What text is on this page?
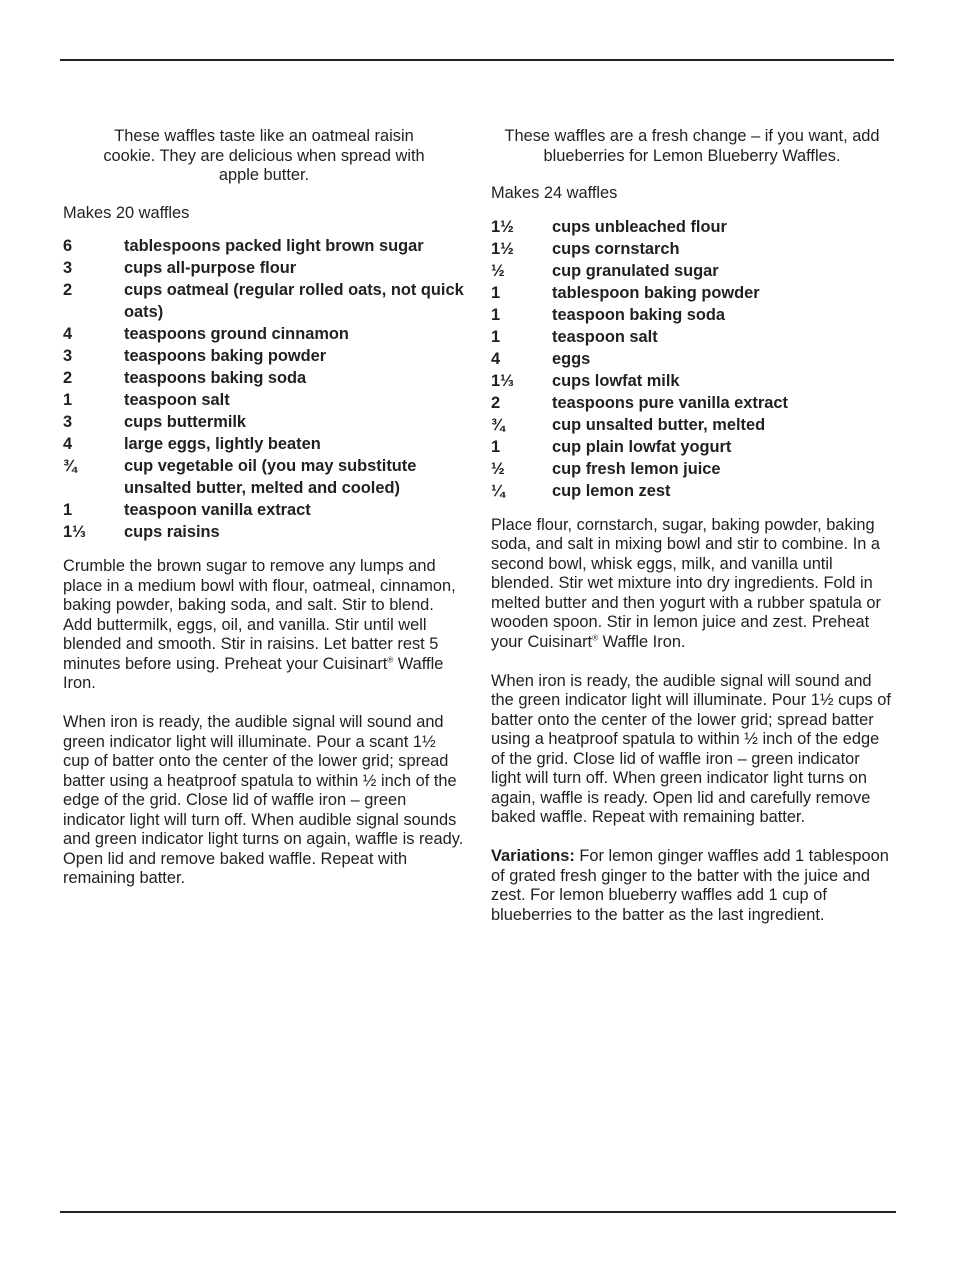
These waffles taste like an oatmeal raisin cookie. They are delicious when spread with apple butter.

Makes 20 waffles

6	tablespoons packed light brown sugar
3	cups all-purpose flour
2	cups oatmeal (regular rolled oats, not quick oats)
4	teaspoons ground cinnamon
3	teaspoons baking powder
2	teaspoons baking soda
1	teaspoon salt
3	cups buttermilk
4	large eggs, lightly beaten
¾	cup vegetable oil (you may substitute unsalted butter, melted and cooled)
1	teaspoon vanilla extract
1⅓	cups raisins

Crumble the brown sugar to remove any lumps and place in a medium bowl with flour, oatmeal, cinnamon, baking powder, baking soda, and salt. Stir to blend. Add buttermilk, eggs, oil, and vanilla. Stir until well blended and smooth. Stir in raisins. Let batter rest 5 minutes before using. Preheat your Cuisinart® Waffle Iron.

When iron is ready, the audible signal will sound and green indicator light will illuminate. Pour a scant 1½ cup of batter onto the center of the lower grid; spread batter using a heatproof spatula to within ½ inch of the edge of the grid. Close lid of waffle iron – green indicator light will turn off. When audible signal sounds and green indicator light turns on again, waffle is ready. Open lid and remove baked waffle. Repeat with remaining batter.

These waffles are a fresh change – if you want, add blueberries for Lemon Blueberry Waffles.

Makes 24 waffles

1½	cups unbleached flour
1½	cups cornstarch
½	cup granulated sugar
1	tablespoon baking powder
1	teaspoon baking soda
1	teaspoon salt
4	eggs
1⅓	cups lowfat milk
2	teaspoons pure vanilla extract
¾	cup unsalted butter, melted
1	cup plain lowfat yogurt
½	cup fresh lemon juice
¼	cup lemon zest

Place flour, cornstarch, sugar, baking powder, baking soda, and salt in mixing bowl and stir to combine. In a second bowl, whisk eggs, milk, and vanilla until blended. Stir wet mixture into dry ingredients. Fold in melted butter and then yogurt with a rubber spatula or wooden spoon. Stir in lemon juice and zest. Preheat your Cuisinart® Waffle Iron.

When iron is ready, the audible signal will sound and the green indicator light will illuminate. Pour 1½ cups of batter onto the center of the lower grid; spread batter using a heatproof spatula to within ½ inch of the edge of the grid. Close lid of waffle iron – green indicator light will turn off. When green indicator light turns on again, waffle is ready. Open lid and carefully remove baked waffle. Repeat with remaining batter.

Variations: For lemon ginger waffles add 1 tablespoon of grated fresh ginger to the batter with the juice and zest. For lemon blueberry waffles add 1 cup of blueberries to the batter as the last ingredient.
